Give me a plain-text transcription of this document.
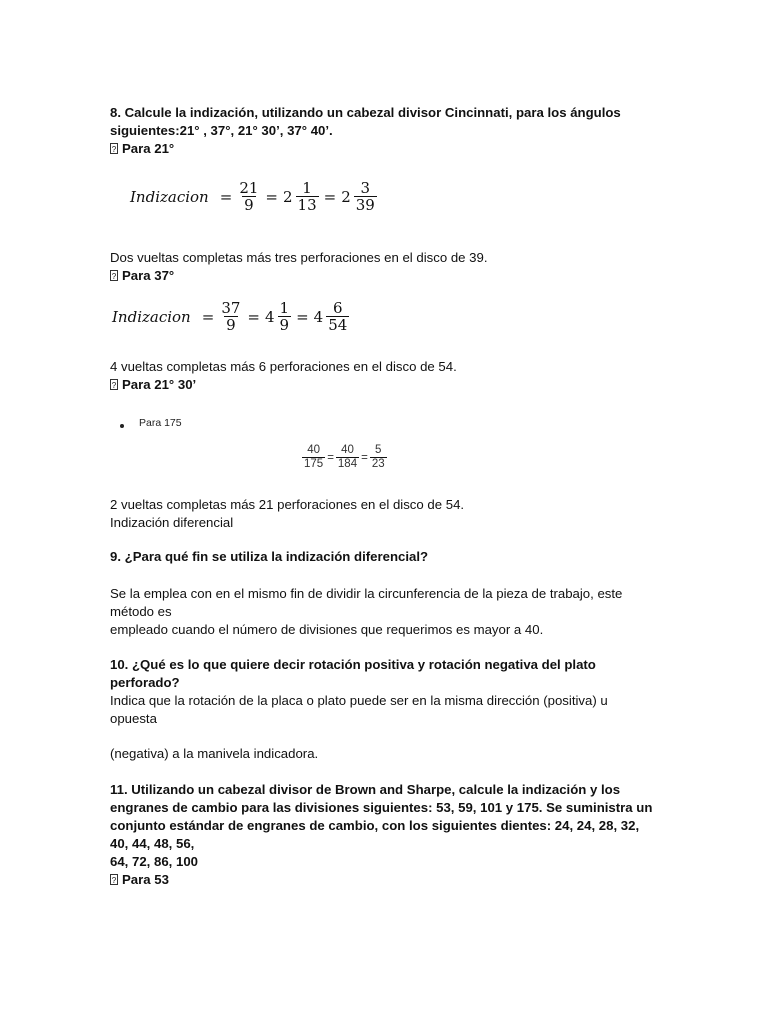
8. Calcule la indización, utilizando un cabezal divisor Cincinnati, para los ángulos
siguientes:21° , 37°, 21° 30’, 37° 40’.
?Para 21°
Indizacion = $\frac{21}{9} = 2 \frac{1}{13} = 2 \frac{3}{39}$
Dos vueltas completas más tres perforaciones en el disco de 39.
?Para 37°
Indizacion = $\frac{37}{9} = 4 \frac{1}{9} = 4 \frac{6}{54}$
4 vueltas completas más 6 perforaciones en el disco de 54.
?Para 21° 30’
Para 175
$\frac{40}{175} = \frac{40}{184} = \frac{5}{23}$
2 vueltas completas más 21 perforaciones en el disco de 54.
Indización diferencial
9. ¿Para qué fin se utiliza la indización diferencial?
Se la emplea con en el mismo fin de dividir la circunferencia de la pieza de trabajo, este
método es
empleado cuando el número de divisiones que requerimos es mayor a 40.
10. ¿Qué es lo que quiere decir rotación positiva y rotación negativa del plato
perforado?
Indica que la rotación de la placa o plato puede ser en la misma dirección (positiva) u
opuesta
(negativa) a la manivela indicadora.
11. Utilizando un cabezal divisor de Brown and Sharpe, calcule la indización y los
engranes de cambio para las divisiones siguientes: 53, 59, 101 y 175. Se suministra un
conjunto estándar de engranes de cambio, con los siguientes dientes: 24, 24, 28, 32,
40, 44, 48, 56,
64, 72, 86, 100
?Para 53
